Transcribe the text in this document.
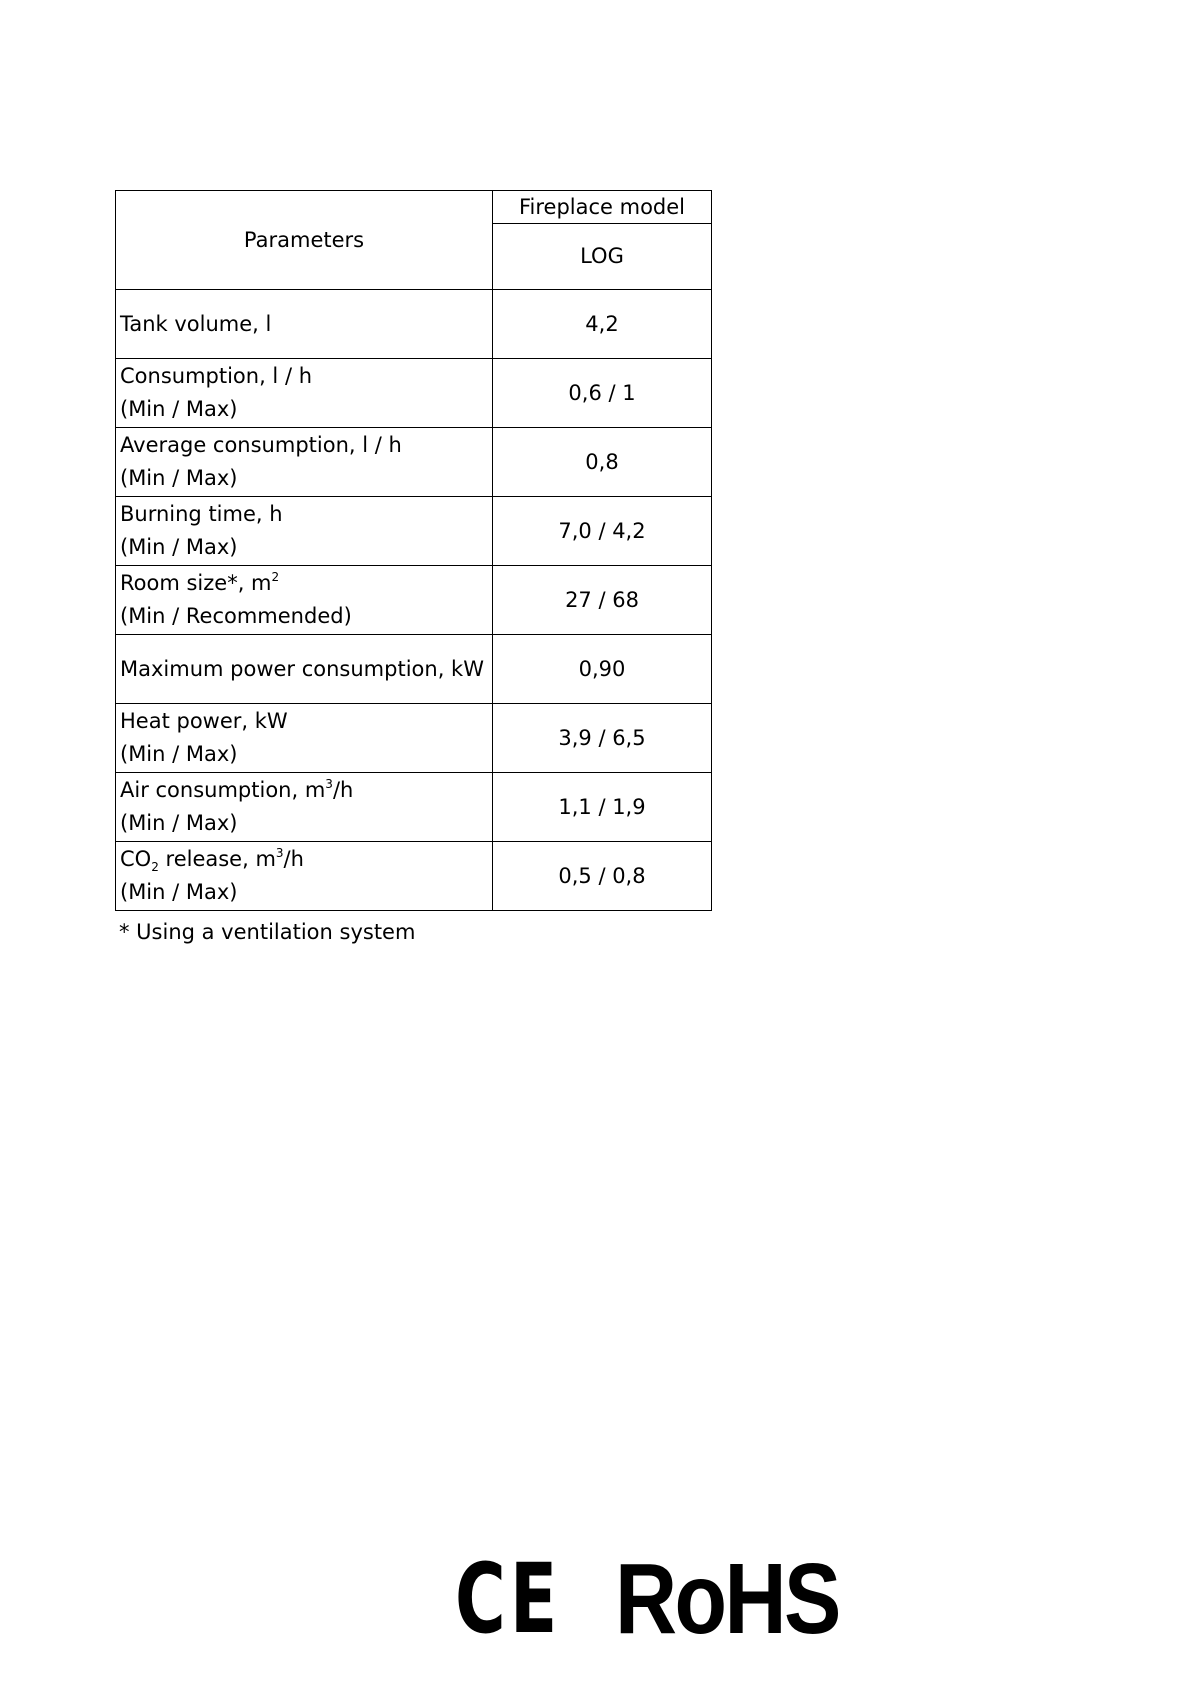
Parameters	Fireplace model
	LOG

Tank volume, l	4,2

Consumption, l / h
(Min / Max)	0,6 / 1

Average consumption, l / h
(Min / Max)	0,8

Burning time, h
(Min / Max)	7,0 / 4,2

Room size*, $m^2$
(Min / Recommended)	27 / 68

Maximum power consumption, kW	0,90

Heat power, kW
(Min / Max)	3,9 / 6,5

Air consumption, $m^3/h$
(Min / Max)	1,1 / 1,9

$CO_2$ release, $m^3/h$
(Min / Max)	0,5 / 0,8
* Using a ventilation system
CE RoHS
